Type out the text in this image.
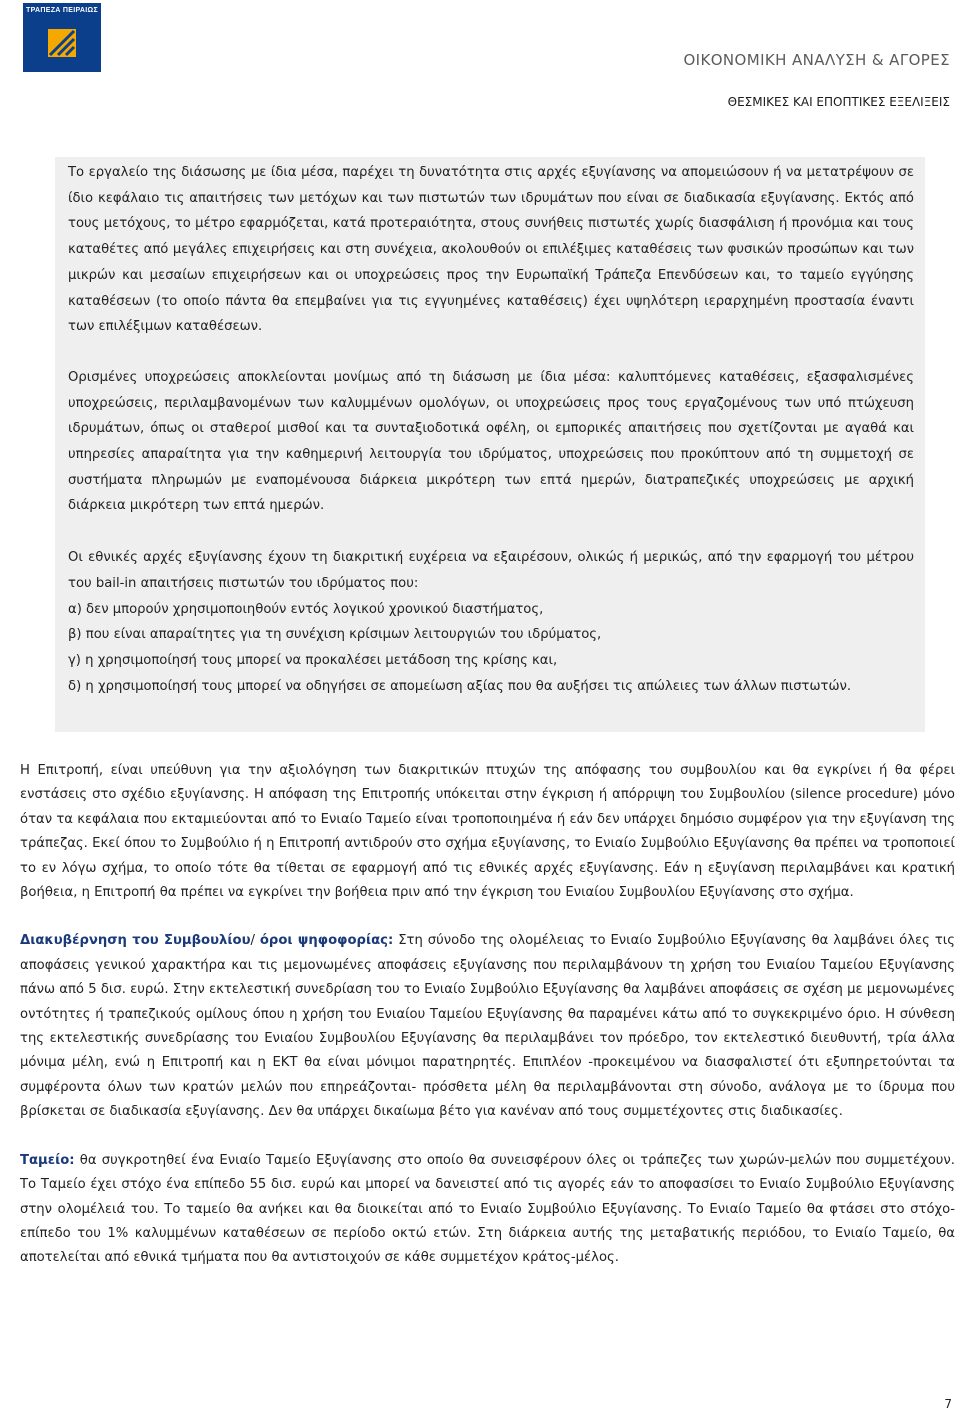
ΤΡΑΠΕΖΑ ΠΕΙΡΑΙΩΣ
ΟΙΚΟΝΟΜΙΚΗ ΑΝΑΛΥΣΗ & ΑΓΟΡΕΣ

ΘΕΣΜΙΚΕΣ ΚΑΙ ΕΠΟΠΤΙΚΕΣ ΕΞΕΛΙΞΕΙΣ

Το εργαλείο της διάσωσης με ίδια μέσα, παρέχει τη δυνατότητα στις αρχές εξυγίανσης να απομειώσουν ή να μετατρέψουν σε ίδιο κεφάλαιο τις απαιτήσεις των μετόχων και των πιστωτών των ιδρυμάτων που είναι σε διαδικασία εξυγίανσης. Εκτός από τους μετόχους, το μέτρο εφαρμόζεται, κατά προτεραιότητα, στους συνήθεις πιστωτές χωρίς διασφάλιση ή προνόμια και τους καταθέτες από μεγάλες επιχειρήσεις και στη συνέχεια, ακολουθούν οι επιλέξιμες καταθέσεις των φυσικών προσώπων και των μικρών και μεσαίων επιχειρήσεων και οι υποχρεώσεις προς την Ευρωπαϊκή Τράπεζα Επενδύσεων και, το ταμείο εγγύησης καταθέσεων (το οποίο πάντα θα επεμβαίνει για τις εγγυημένες καταθέσεις) έχει υψηλότερη ιεραρχημένη προστασία έναντι των επιλέξιμων καταθέσεων.

Ορισμένες υποχρεώσεις αποκλείονται μονίμως από τη διάσωση με ίδια μέσα: καλυπτόμενες καταθέσεις, εξασφαλισμένες υποχρεώσεις, περιλαμβανομένων των καλυμμένων ομολόγων, οι υποχρεώσεις προς τους εργαζομένους των υπό πτώχευση ιδρυμάτων, όπως οι σταθεροί μισθοί και τα συνταξιοδοτικά οφέλη, οι εμπορικές απαιτήσεις που σχετίζονται με αγαθά και υπηρεσίες απαραίτητα για την καθημερινή λειτουργία του ιδρύματος, υποχρεώσεις που προκύπτουν από τη συμμετοχή σε συστήματα πληρωμών με εναπομένουσα διάρκεια μικρότερη των επτά ημερών, διατραπεζικές υποχρεώσεις με αρχική διάρκεια μικρότερη των επτά ημερών.

Οι εθνικές αρχές εξυγίανσης έχουν τη διακριτική ευχέρεια να εξαιρέσουν, ολικώς ή μερικώς, από την εφαρμογή του μέτρου του bail-in απαιτήσεις πιστωτών του ιδρύματος που:

α) δεν μπορούν χρησιμοποιηθούν εντός λογικού χρονικού διαστήματος,

β) που είναι απαραίτητες για τη συνέχιση κρίσιμων λειτουργιών του ιδρύματος,

γ) η χρησιμοποίησή τους μπορεί να προκαλέσει μετάδοση της κρίσης και,

δ) η χρησιμοποίησή τους μπορεί να οδηγήσει σε απομείωση αξίας που θα αυξήσει τις απώλειες των άλλων πιστωτών.

Η Επιτροπή, είναι υπεύθυνη για την αξιολόγηση των διακριτικών πτυχών της απόφασης του συμβουλίου και θα εγκρίνει ή θα φέρει ενστάσεις στο σχέδιο εξυγίανσης. Η απόφαση της Επιτροπής υπόκειται στην έγκριση ή απόρριψη του Συμβουλίου (silence procedure) μόνο όταν τα κεφάλαια που εκταμιεύονται από το Ενιαίο Ταμείο είναι τροποποιημένα ή εάν δεν υπάρχει δημόσιο συμφέρον για την εξυγίανση της τράπεζας. Εκεί όπου το Συμβούλιο ή η Επιτροπή αντιδρούν στο σχήμα εξυγίανσης, το Ενιαίο Συμβούλιο Εξυγίανσης θα πρέπει να τροποποιεί το εν λόγω σχήμα, το οποίο τότε θα τίθεται σε εφαρμογή από τις εθνικές αρχές εξυγίανσης. Εάν η εξυγίανση περιλαμβάνει και κρατική βοήθεια, η Επιτροπή θα πρέπει να εγκρίνει την βοήθεια πριν από την έγκριση του Ενιαίου Συμβουλίου Εξυγίανσης στο σχήμα.

Διακυβέρνηση του Συμβουλίου/ όροι ψηφοφορίας: Στη σύνοδο της ολομέλειας το Ενιαίο Συμβούλιο Εξυγίανσης θα λαμβάνει όλες τις αποφάσεις γενικού χαρακτήρα και τις μεμονωμένες αποφάσεις εξυγίανσης που περιλαμβάνουν τη χρήση του Ενιαίου Ταμείου Εξυγίανσης πάνω από 5 δισ. ευρώ. Στην εκτελεστική συνεδρίαση του το Ενιαίο Συμβούλιο Εξυγίανσης θα λαμβάνει αποφάσεις σε σχέση με μεμονωμένες οντότητες ή τραπεζικούς ομίλους όπου η χρήση του Ενιαίου Ταμείου Εξυγίανσης θα παραμένει κάτω από το συγκεκριμένο όριο. Η σύνθεση της εκτελεστικής συνεδρίασης του Ενιαίου Συμβουλίου Εξυγίανσης θα περιλαμβάνει τον πρόεδρο, τον εκτελεστικό διευθυντή, τρία άλλα μόνιμα μέλη, ενώ η Επιτροπή και η ΕΚΤ θα είναι μόνιμοι παρατηρητές. Επιπλέον -προκειμένου να διασφαλιστεί ότι εξυπηρετούνται τα συμφέροντα όλων των κρατών μελών που επηρεάζονται- πρόσθετα μέλη θα περιλαμβάνονται στη σύνοδο, ανάλογα με το ίδρυμα που βρίσκεται σε διαδικασία εξυγίανσης. Δεν θα υπάρχει δικαίωμα βέτο για κανέναν από τους συμμετέχοντες στις διαδικασίες.

Ταμείο: θα συγκροτηθεί ένα Ενιαίο Ταμείο Εξυγίανσης στο οποίο θα συνεισφέρουν όλες οι τράπεζες των χωρών-μελών που συμμετέχουν. Το Ταμείο έχει στόχο ένα επίπεδο 55 δισ. ευρώ και μπορεί να δανειστεί από τις αγορές εάν το αποφασίσει το Ενιαίο Συμβούλιο Εξυγίανσης στην ολομέλειά του. Το ταμείο θα ανήκει και θα διοικείται από το Ενιαίο Συμβούλιο Εξυγίανσης. Το Ενιαίο Ταμείο θα φτάσει στο στόχο-επίπεδο του 1% καλυμμένων καταθέσεων σε περίοδο οκτώ ετών. Στη διάρκεια αυτής της μεταβατικής περιόδου, το Ενιαίο Ταμείο, θα αποτελείται από εθνικά τμήματα που θα αντιστοιχούν σε κάθε συμμετέχον κράτος-μέλος.

7
